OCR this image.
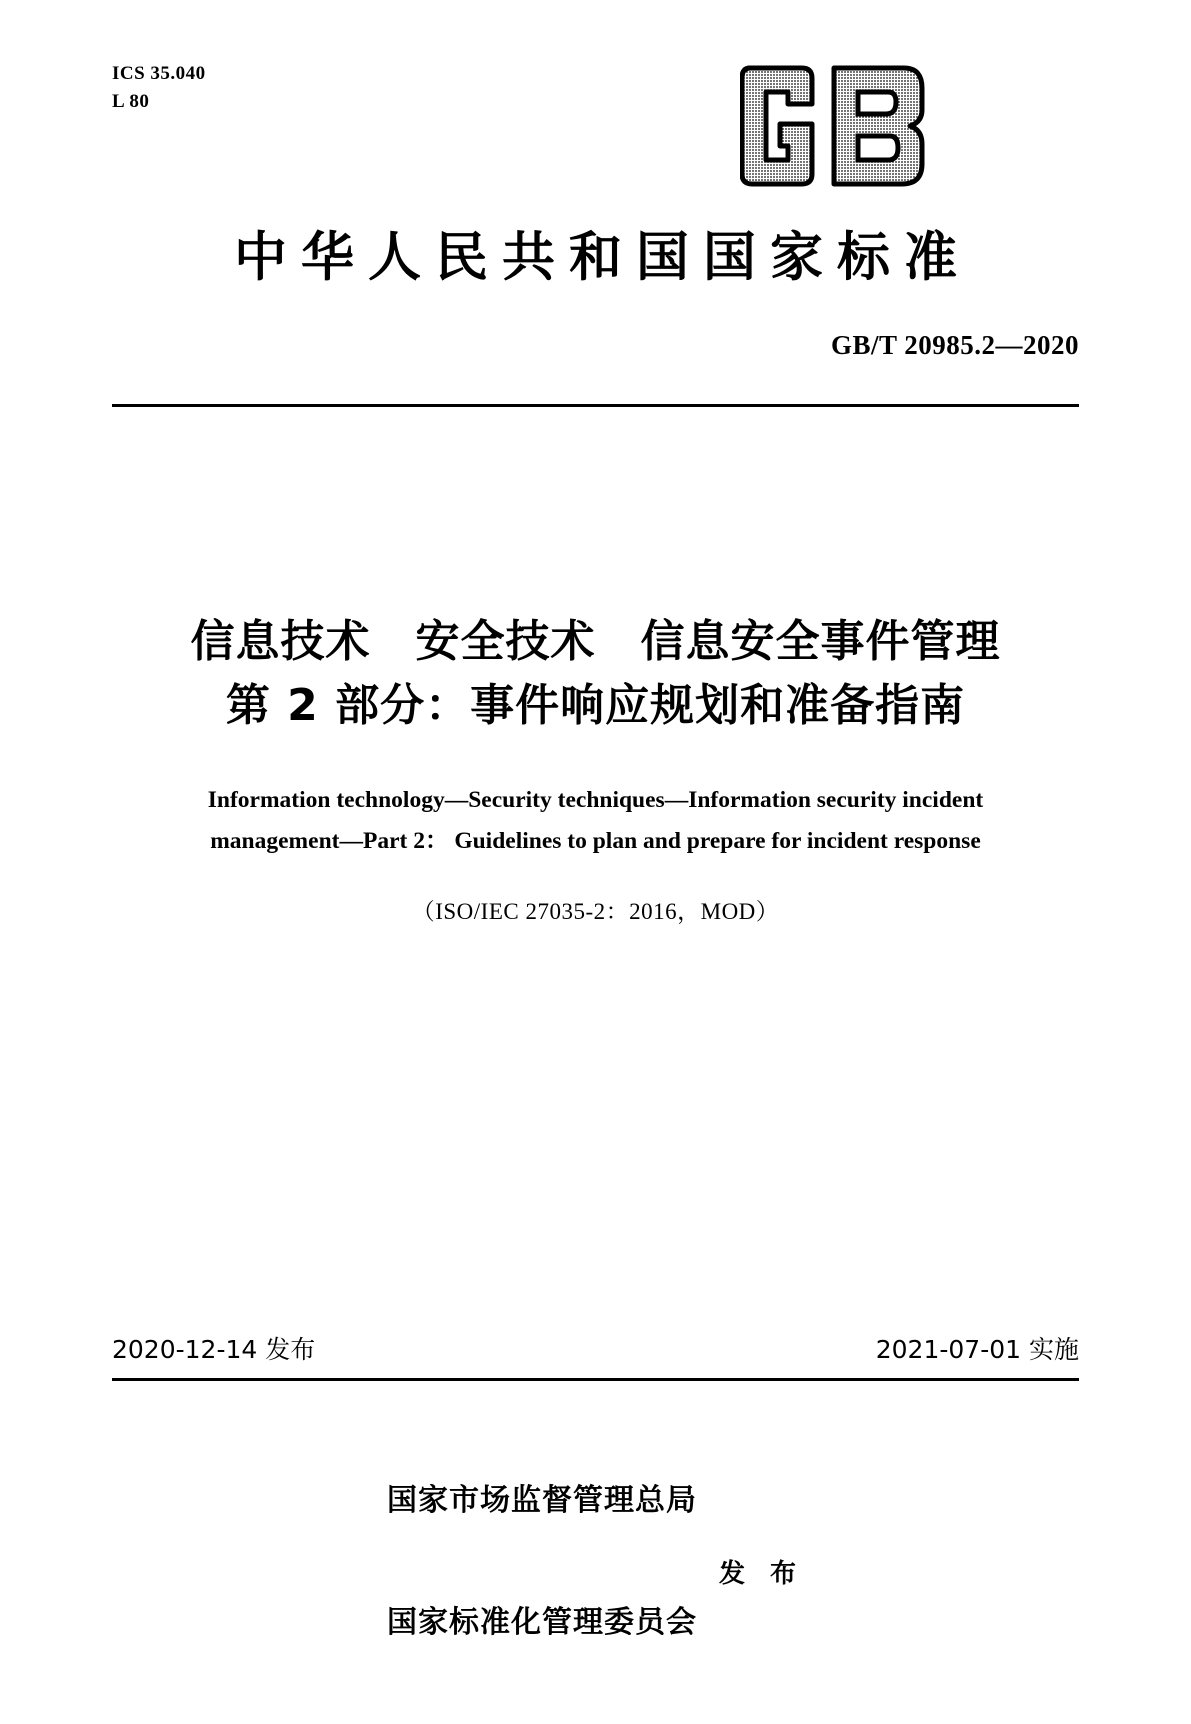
ICS 35.040
L 80
中华人民共和国国家标准
GB/T 20985.2—2020
信息技术　安全技术　信息安全事件管理
第 2 部分：事件响应规划和准备指南
Information technology—Security techniques—Information security incident
management—Part 2： Guidelines to plan and prepare for incident response
（ISO/IEC 27035-2：2016，MOD）
2020-12-14 发布	2021-07-01 实施

国家市场监督管理总局

国家标准化管理委员会

发 布
